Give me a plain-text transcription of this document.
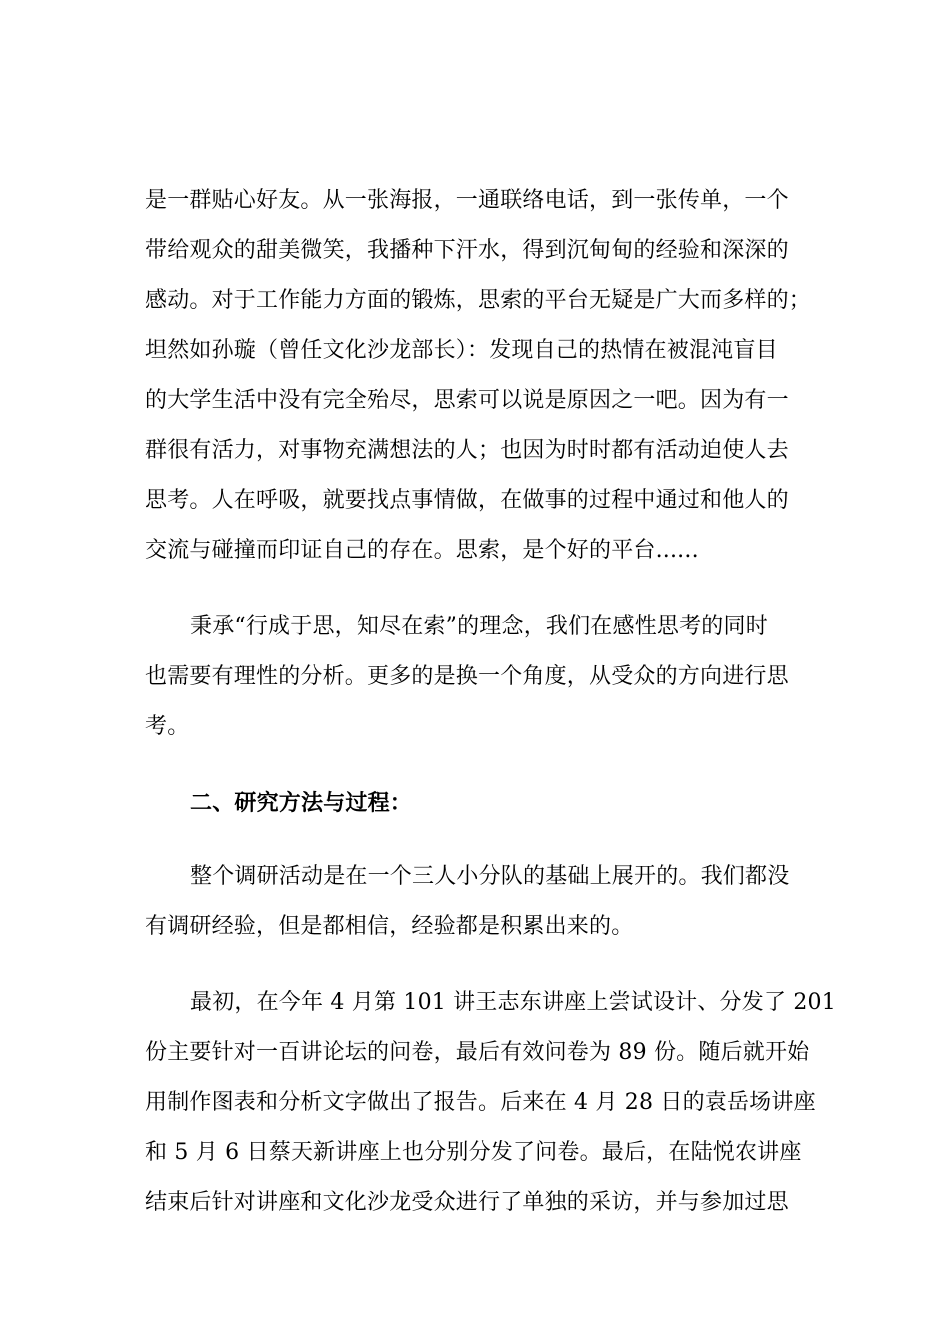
是一群贴心好友。从一张海报，一通联络电话，到一张传单，一个
带给观众的甜美微笑，我播种下汗水，得到沉甸甸的经验和深深的
感动。对于工作能力方面的锻炼，思索的平台无疑是广大而多样的；
坦然如孙璇（曾任文化沙龙部长）：发现自己的热情在被混沌盲目
的大学生活中没有完全殆尽，思索可以说是原因之一吧。因为有一
群很有活力，对事物充满想法的人；也因为时时都有活动迫使人去
思考。人在呼吸，就要找点事情做，在做事的过程中通过和他人的
交流与碰撞而印证自己的存在。思索，是个好的平台......
秉承“行成于思，知尽在索”的理念，我们在感性思考的同时
也需要有理性的分析。更多的是换一个角度，从受众的方向进行思
考。
二、研究方法与过程：
整个调研活动是在一个三人小分队的基础上展开的。我们都没
有调研经验，但是都相信，经验都是积累出来的。
最初，在今年 4 月第 101 讲王志东讲座上尝试设计、分发了 201
份主要针对一百讲论坛的问卷，最后有效问卷为 89 份。随后就开始
用制作图表和分析文字做出了报告。后来在 4 月 28 日的袁岳场讲座
和 5 月 6 日蔡天新讲座上也分别分发了问卷。最后，在陆悦农讲座
结束后针对讲座和文化沙龙受众进行了单独的采访，并与参加过思
